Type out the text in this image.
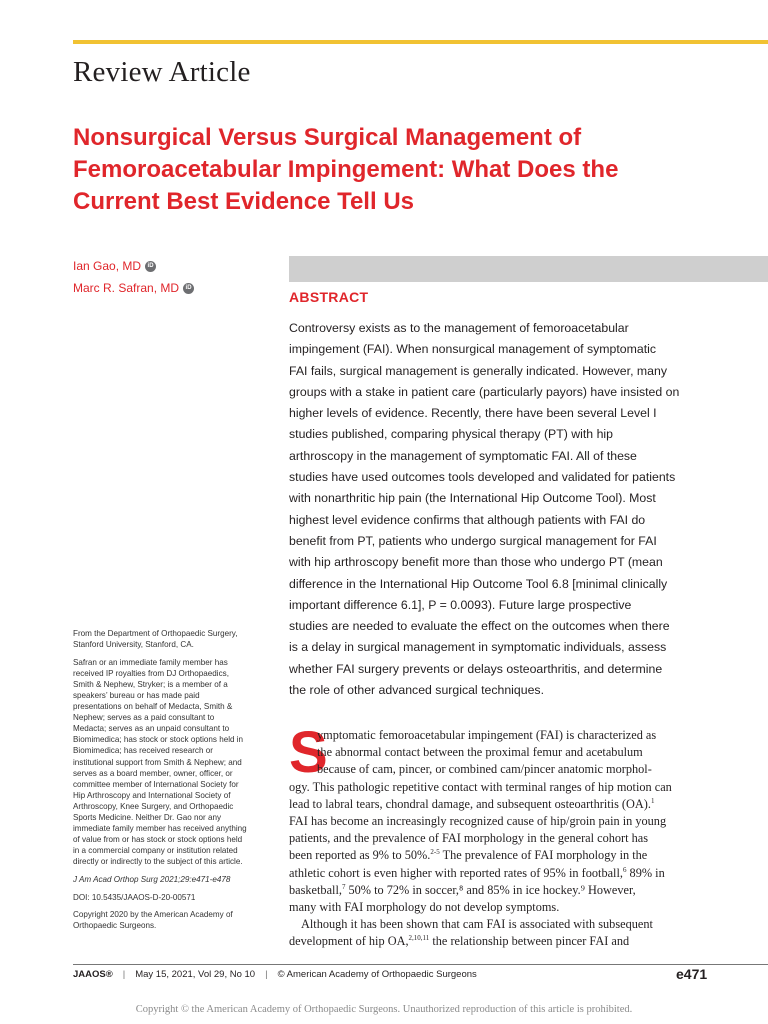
Review Article
Nonsurgical Versus Surgical Management of Femoroacetabular Impingement: What Does the Current Best Evidence Tell Us
Ian Gao, MD	iD
Marc R. Safran, MD	iD
ABSTRACT
Controversy exists as to the management of femoroacetabular
impingement (FAI). When nonsurgical management of symptomatic
FAI fails, surgical management is generally indicated. However, many
groups with a stake in patient care (particularly payors) have insisted on
higher levels of evidence. Recently, there have been several Level I
studies published, comparing physical therapy (PT) with hip
arthroscopy in the management of symptomatic FAI. All of these
studies have used outcomes tools developed and validated for patients
with nonarthritic hip pain (the International Hip Outcome Tool). Most
highest level evidence confirms that although patients with FAI do
benefit from PT, patients who undergo surgical management for FAI
with hip arthroscopy benefit more than those who undergo PT (mean
difference in the International Hip Outcome Tool 6.8 [minimal clinically
important difference 6.1], P = 0.0093). Future large prospective
studies are needed to evaluate the effect on the outcomes when there
is a delay in surgical management in symptomatic individuals, assess
whether FAI surgery prevents or delays osteoarthritis, and determine
the role of other advanced surgical techniques.

From the Department of Orthopaedic Surgery,
Stanford University, Stanford, CA.

Safran or an immediate family member has
received IP royalties from DJ Orthopaedics,
Smith & Nephew, Stryker; is a member of a
speakers’ bureau or has made paid
presentations on behalf of Medacta, Smith &
Nephew; serves as a paid consultant to
Medacta; serves as an unpaid consultant to
Biomimedica; has stock or stock options held in
Biomimedica; has received research or
institutional support from Smith & Nephew; and
serves as a board member, owner, officer, or
committee member of International Society for
Hip Arthroscopy and International Society of
Arthroscopy, Knee Surgery, and Orthopaedic
Sports Medicine. Neither Dr. Gao nor any
immediate family member has received anything
of value from or has stock or stock options held
in a commercial company or institution related
directly or indirectly to the subject of this article.

J Am Acad Orthop Surg 2021;29:e471-e478

DOI: 10.5435/JAAOS-D-20-00571

Copyright 2020 by the American Academy of
Orthopaedic Surgeons.

S
ymptomatic femoroacetabular impingement (FAI) is characterized as
the abnormal contact between the proximal femur and acetabulum
because of cam, pincer, or combined cam/pincer anatomic morphol-
ogy. This pathologic repetitive contact with terminal ranges of hip motion can
lead to labral tears, chondral damage, and subsequent osteoarthritis (OA).$^1$
FAI has become an increasingly recognized cause of hip/groin pain in young
patients, and the prevalence of FAI morphology in the general cohort has
been reported as 9% to 50%.$^{2-5}$ The prevalence of FAI morphology in the
athletic cohort is even higher with reported rates of 95% in football,$^6$ 89% in
basketball,$^7$ 50% to 72% in soccer,⁸ and 85% in ice hockey.⁹ However,
many with FAI morphology do not develop symptoms.
Although it has been shown that cam FAI is associated with subsequent
development of hip OA,$^{2,10,11}$ the relationship between pincer FAI and
JAAOS® | May 15, 2021, Vol 29, No 10 | © American Academy of Orthopaedic Surgeons	e471
Copyright © the American Academy of Orthopaedic Surgeons. Unauthorized reproduction of this article is prohibited.
